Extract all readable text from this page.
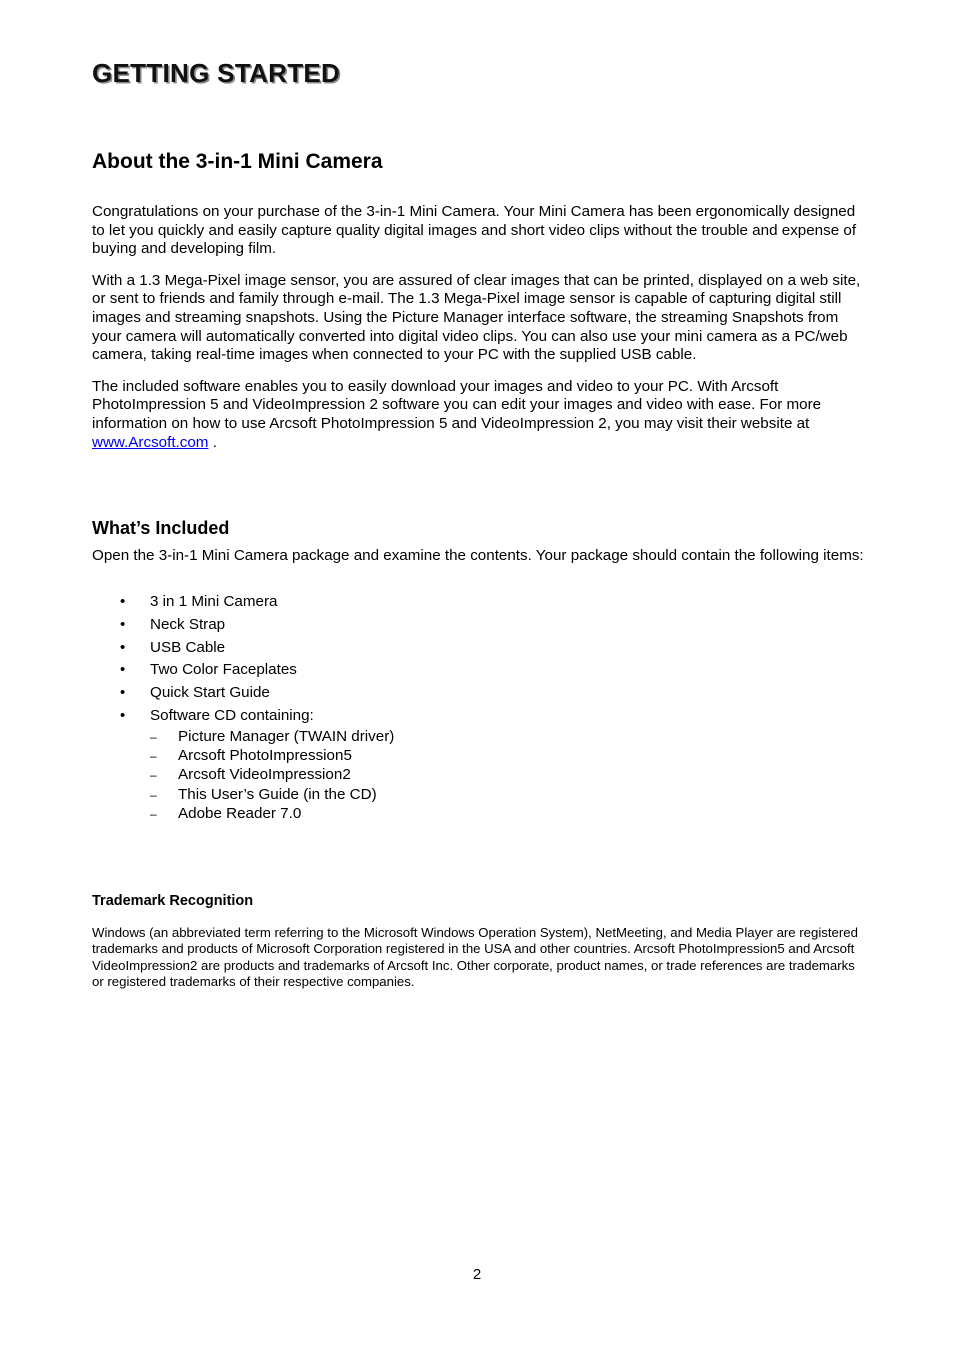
GETTING STARTED
About the 3-in-1 Mini Camera

Congratulations on your purchase of the 3-in-1 Mini Camera. Your Mini Camera has been ergonomically designed to let you quickly and easily capture quality digital images and short video clips without the trouble and expense of buying and developing film.

With a 1.3 Mega-Pixel image sensor, you are assured of clear images that can be printed, displayed on a web site, or sent to friends and family through e-mail. The 1.3 Mega-Pixel image sensor is capable of capturing digital still images and streaming snapshots. Using the Picture Manager interface software, the streaming Snapshots from your camera will automatically converted into digital video clips. You can also use your mini camera as a PC/web camera, taking real-time images when connected to your PC with the supplied USB cable.

The included software enables you to easily download your images and video to your PC. With Arcsoft PhotoImpression 5 and VideoImpression 2 software you can edit your images and video with ease. For more information on how to use Arcsoft PhotoImpression 5 and VideoImpression 2, you may visit their website at www.Arcsoft.com .

What’s Included

Open the 3-in-1 Mini Camera package and examine the contents. Your package should contain the following items:

• 3 in 1 Mini Camera
• Neck Strap
• USB Cable
• Two Color Faceplates
• Quick Start Guide
• Software CD containing:
– Picture Manager (TWAIN driver)
– Arcsoft PhotoImpression5
– Arcsoft VideoImpression2
– This User’s Guide (in the CD)
– Adobe Reader 7.0
Trademark Recognition

Windows (an abbreviated term referring to the Microsoft Windows Operation System), NetMeeting, and Media Player are registered trademarks and products of Microsoft Corporation registered in the USA and other countries. Arcsoft PhotoImpression5 and Arcsoft VideoImpression2 are products and trademarks of Arcsoft Inc. Other corporate, product names, or trade references are trademarks or registered trademarks of their respective companies.

2
